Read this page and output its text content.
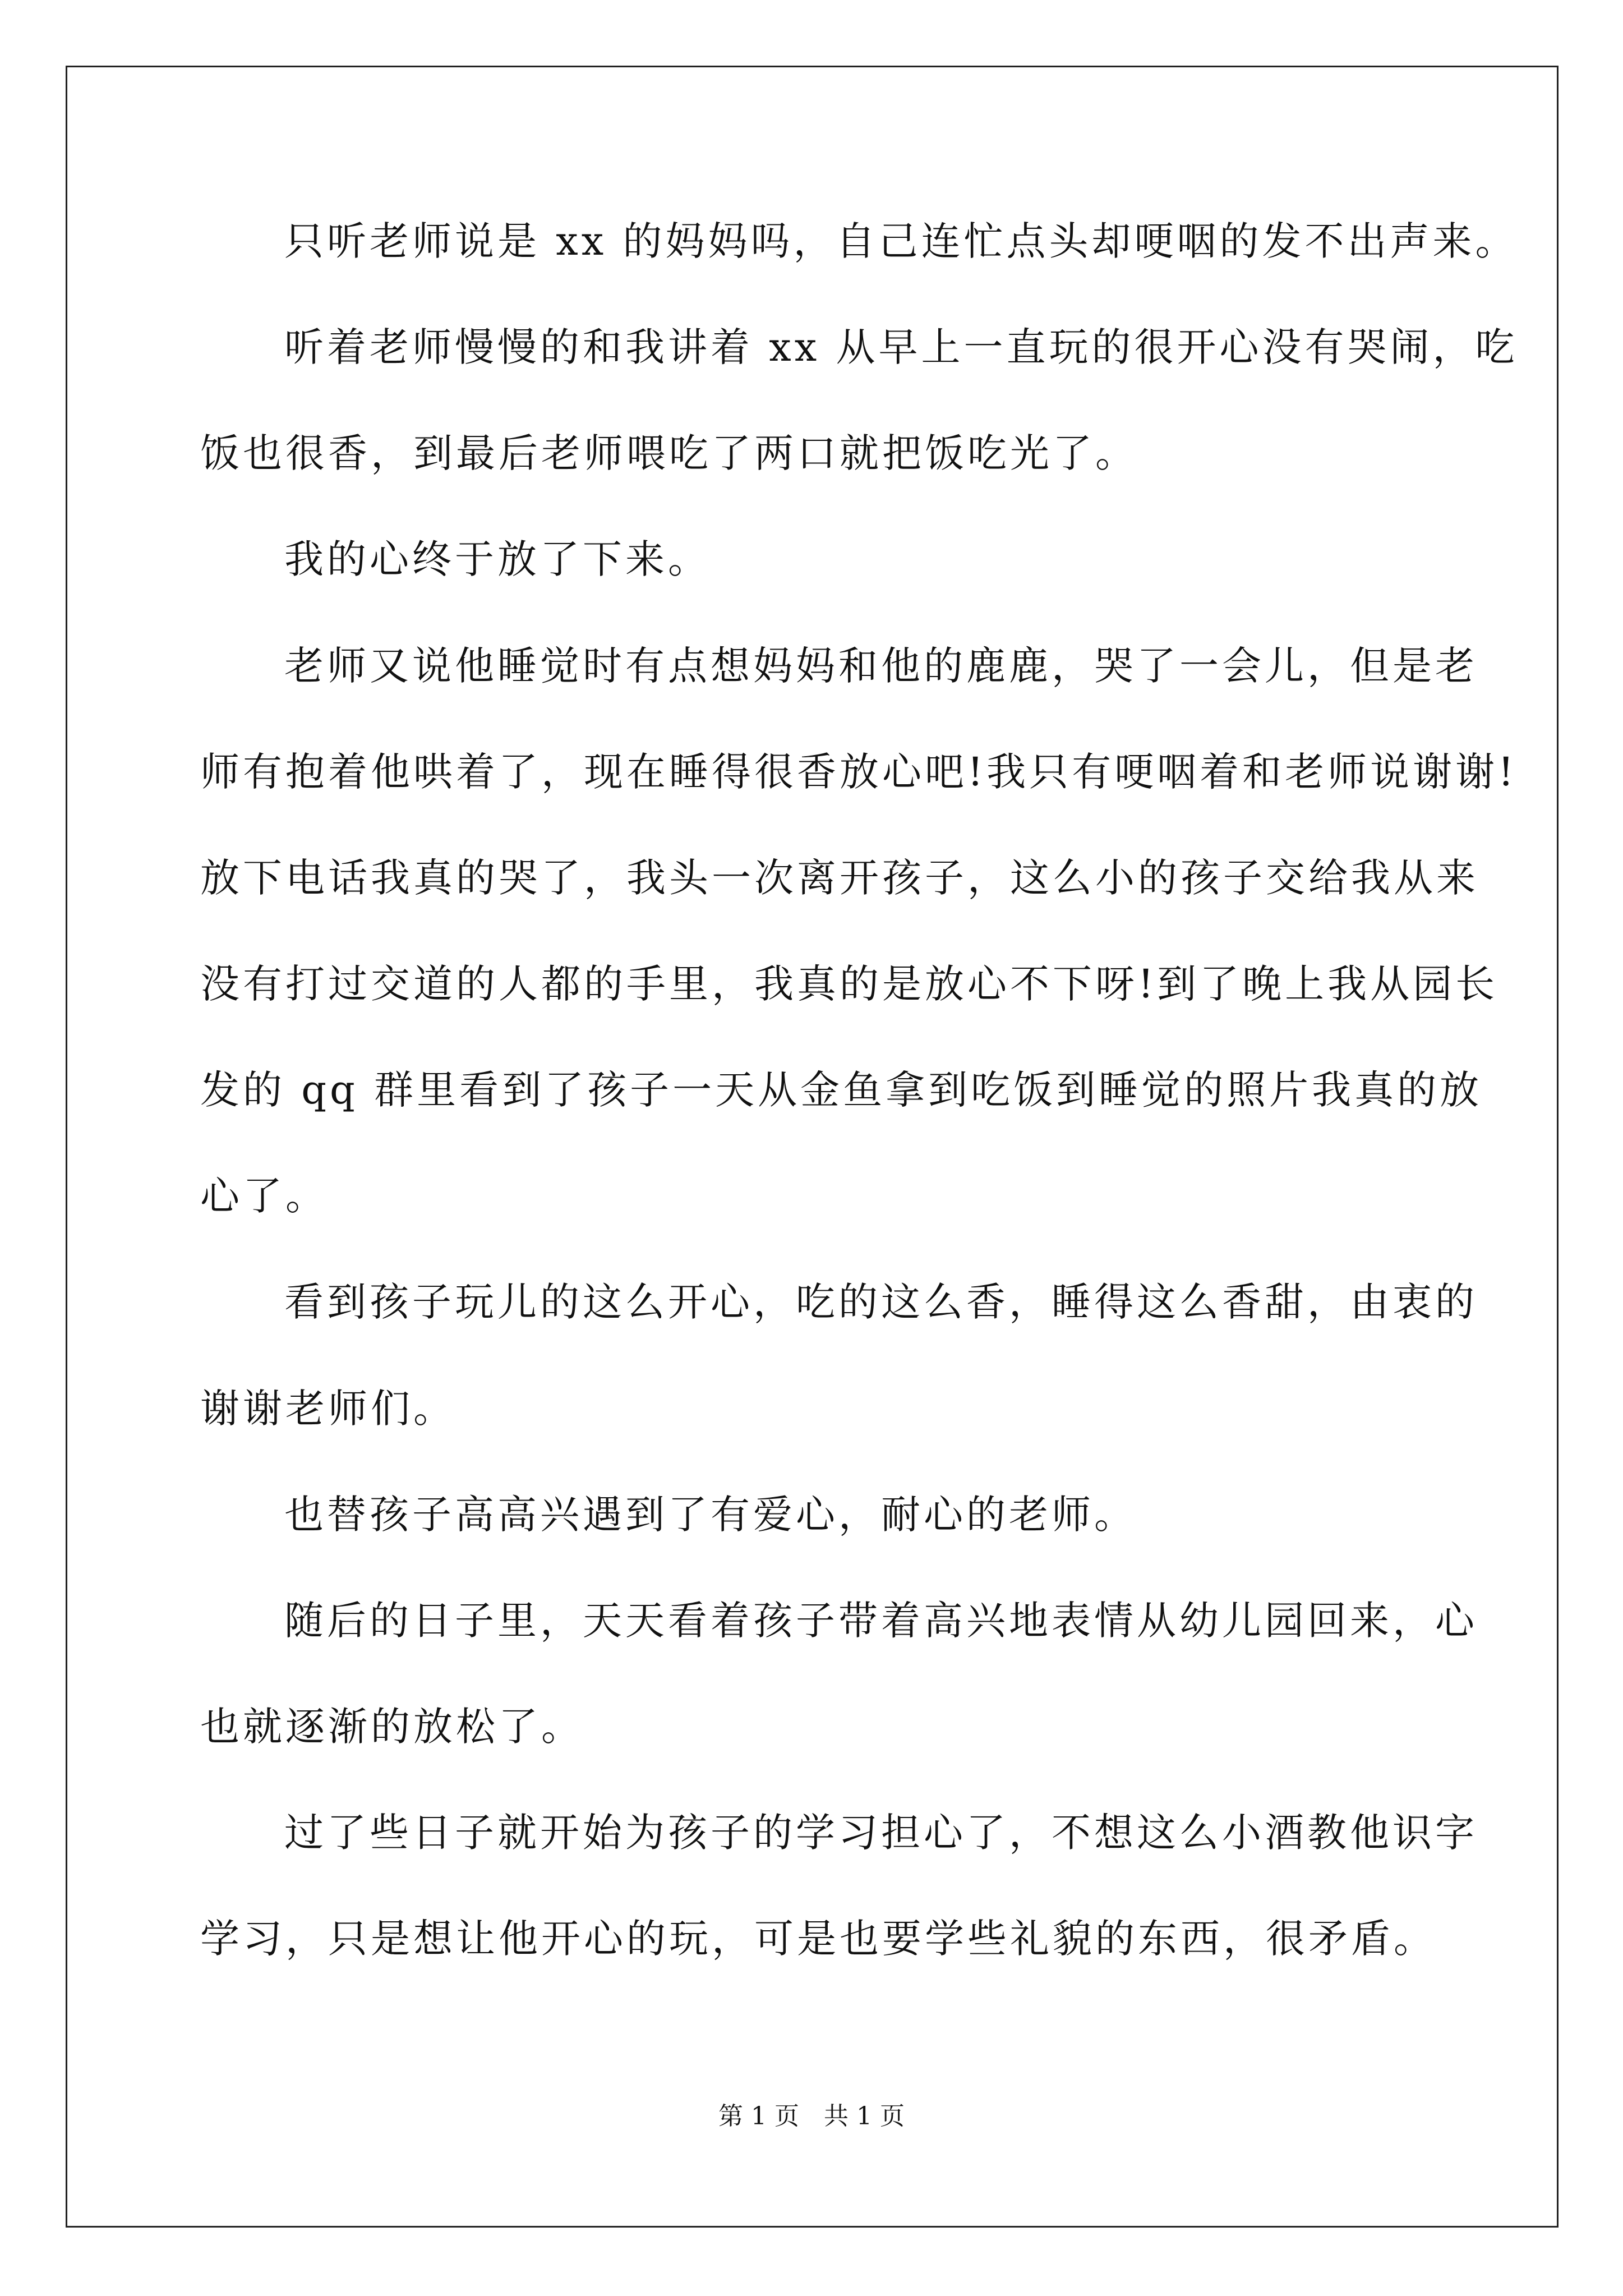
只听老师说是 xx 的妈妈吗，自己连忙点头却哽咽的发不出声来。
听着老师慢慢的和我讲着 xx 从早上一直玩的很开心没有哭闹，吃
饭也很香，到最后老师喂吃了两口就把饭吃光了。
我的心终于放了下来。
老师又说他睡觉时有点想妈妈和他的鹿鹿，哭了一会儿，但是老
师有抱着他哄着了，现在睡得很香放心吧!我只有哽咽着和老师说谢谢!
放下电话我真的哭了，我头一次离开孩子，这么小的孩子交给我从来
没有打过交道的人都的手里，我真的是放心不下呀!到了晚上我从园长
发的 qq 群里看到了孩子一天从金鱼拿到吃饭到睡觉的照片我真的放
心了。
看到孩子玩儿的这么开心，吃的这么香，睡得这么香甜，由衷的
谢谢老师们。
也替孩子高高兴遇到了有爱心，耐心的老师。
随后的日子里，天天看着孩子带着高兴地表情从幼儿园回来，心
也就逐渐的放松了。
过了些日子就开始为孩子的学习担心了，不想这么小酒教他识字
学习，只是想让他开心的玩，可是也要学些礼貌的东西，很矛盾。
第 1 页　共 1 页
